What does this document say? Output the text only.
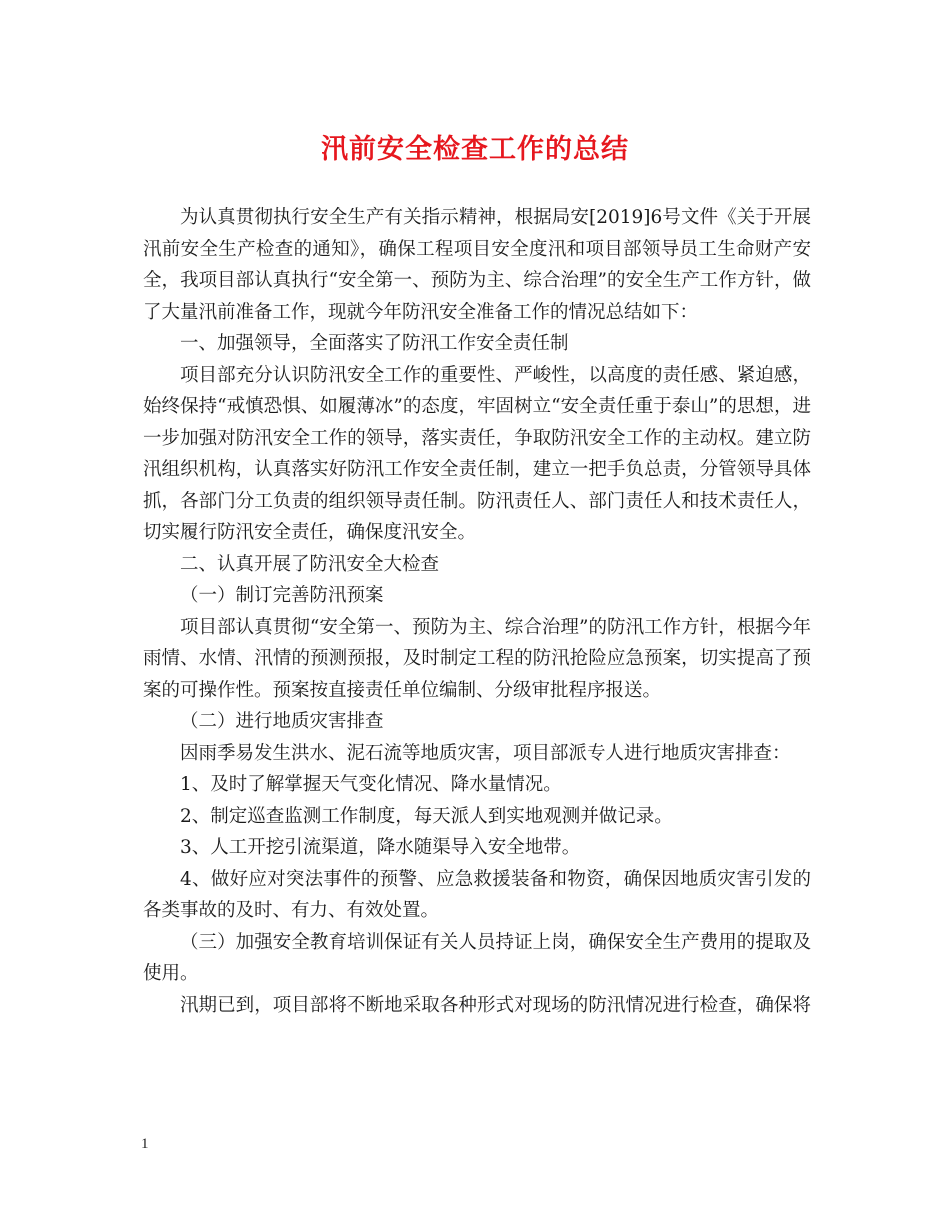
汛前安全检查工作的总结

为认真贯彻执行安全生产有关指示精神，根据局安[2019]6号文件《关于开展汛前安全生产检查的通知》，确保工程项目安全度汛和项目部领导员工生命财产安全，我项目部认真执行“安全第一、预防为主、综合治理”的安全生产工作方针，做了大量汛前准备工作，现就今年防汛安全准备工作的情况总结如下：

一、加强领导，全面落实了防汛工作安全责任制

项目部充分认识防汛安全工作的重要性、严峻性，以高度的责任感、紧迫感，始终保持“戒慎恐惧、如履薄冰”的态度，牢固树立“安全责任重于泰山”的思想，进一步加强对防汛安全工作的领导，落实责任，争取防汛安全工作的主动权。建立防汛组织机构，认真落实好防汛工作安全责任制，建立一把手负总责，分管领导具体抓，各部门分工负责的组织领导责任制。防汛责任人、部门责任人和技术责任人，切实履行防汛安全责任，确保度汛安全。

二、认真开展了防汛安全大检查

（一）制订完善防汛预案

项目部认真贯彻“安全第一、预防为主、综合治理”的防汛工作方针，根据今年雨情、水情、汛情的预测预报，及时制定工程的防汛抢险应急预案，切实提高了预案的可操作性。预案按直接责任单位编制、分级审批程序报送。

（二）进行地质灾害排查

因雨季易发生洪水、泥石流等地质灾害，项目部派专人进行地质灾害排查：

1、及时了解掌握天气变化情况、降水量情况。

2、制定巡查监测工作制度，每天派人到实地观测并做记录。

3、人工开挖引流渠道，降水随渠导入安全地带。

4、做好应对突法事件的预警、应急救援装备和物资，确保因地质灾害引发的各类事故的及时、有力、有效处置。

（三）加强安全教育培训保证有关人员持证上岗，确保安全生产费用的提取及使用。

汛期已到，项目部将不断地采取各种形式对现场的防汛情况进行检查，确保将

1
